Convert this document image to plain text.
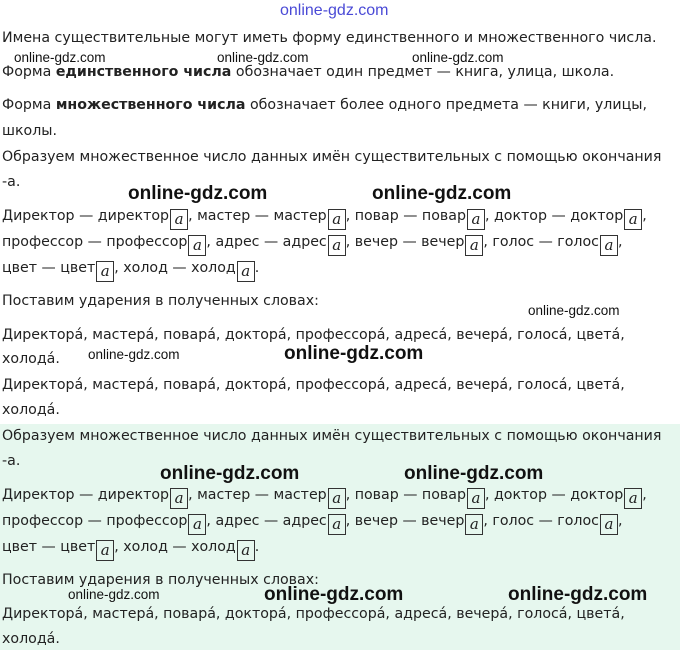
Имена существительные могут иметь форму единственного и множественного числа.
Форма единственного числа обозначает один предмет — книга, улица, школа.
Форма множественного числа обозначает более одного предмета — книги, улицы,
школы.
Образуем множественное число данных имён существительных с помощью окончания
-а.
Директор — директор а , мастер — мастер а , повар — повар а , доктор — доктор а ,
профессор — профессор а , адрес — адрес а , вечер — вечер а , голос — голос а ,
цвет — цвет а , холод — холод а .
Поставим ударения в полученных словах:
Директора́, мастера́, повара́, доктора́, профессора́, адреса́, вечера́, голоса́, цвета́,
холода́.
Директора́, мастера́, повара́, доктора́, профессора́, адреса́, вечера́, голоса́, цвета́,
холода́.
Образуем множественное число данных имён существительных с помощью окончания
-а.
Директор — директор а , мастер — мастер а , повар — повар а , доктор — доктор а ,
профессор — профессор а , адрес — адрес а , вечер — вечер а , голос — голос а ,
цвет — цвет а , холод — холод а .
Поставим ударения в полученных словах:
Директора́, мастера́, повара́, доктора́, профессора́, адреса́, вечера́, голоса́, цвета́,
холода́.
online-gdz.com
online-gdz.com	online-gdz.com	online-gdz.com
online-gdz.com	online-gdz.com
online-gdz.com
online-gdz.com	online-gdz.com
online-gdz.com	online-gdz.com
online-gdz.com	online-gdz.com	online-gdz.com
